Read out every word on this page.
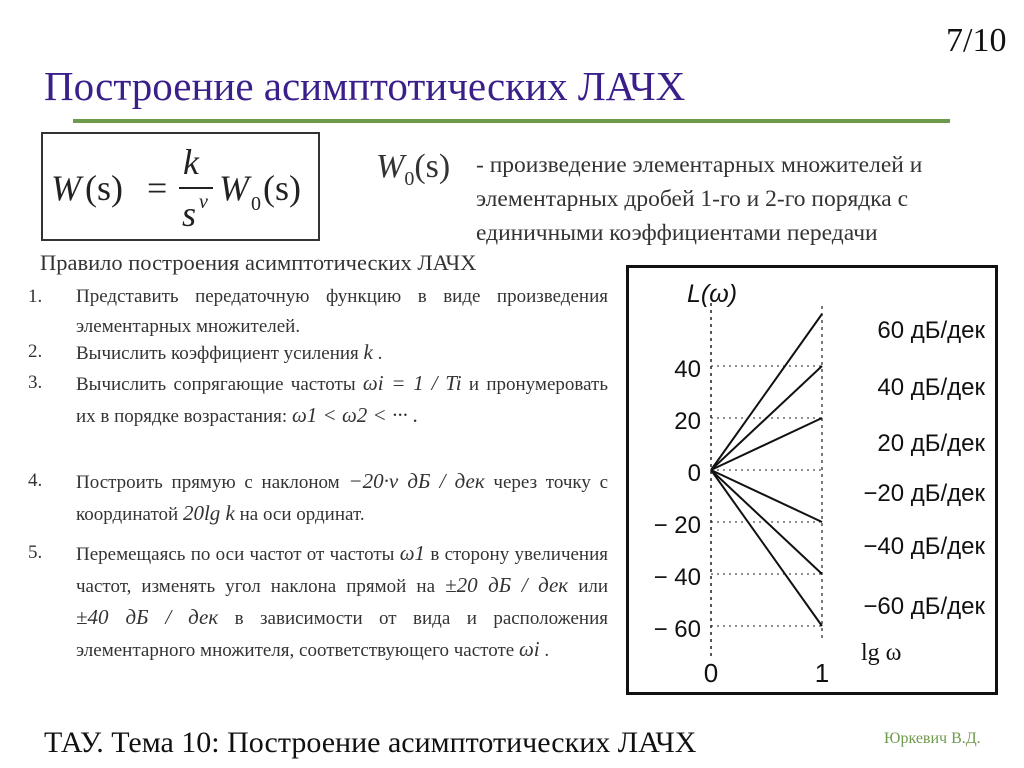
7/10
Построение асимптотических ЛАЧХ
W (s) =
k
s ν W 0 (s)
$W_0(s)$ - произведение элементарных множителей и элементарных дробей 1-го и 2-го порядка с единичными коэффициентами передачи
Правило построения асимптотических ЛАЧХ
1. Представить передаточную функцию в виде произведения элементарных множителей.
2. Вычислить коэффициент усиления k .
3. Вычислить сопрягающие частоты ωi = 1 / Ti и пронумеровать их в порядке возрастания: ω1 < ω2 < ··· .
4. Построить прямую с наклоном −20·ν дБ / дек через точку с координатой 20lg k на оси ординат.
5. Перемещаясь по оси частот от частоты ω1 в сторону увеличения частот, изменять угол наклона прямой на ±20 дБ / дек или ±40 дБ / дек в зависимости от вида и расположения элементарного множителя, соответствующего частоте ωi .
40
20
0
− 20
− 40
− 60
L(ω)
0	1
lg ω
60 дБ/дек
40 дБ/дек
20 дБ/дек
−20 дБ/дек
−40 дБ/дек
−60 дБ/дек
ТАУ. Тема 10: Построение асимптотических ЛАЧХ	Юркевич В.Д.
